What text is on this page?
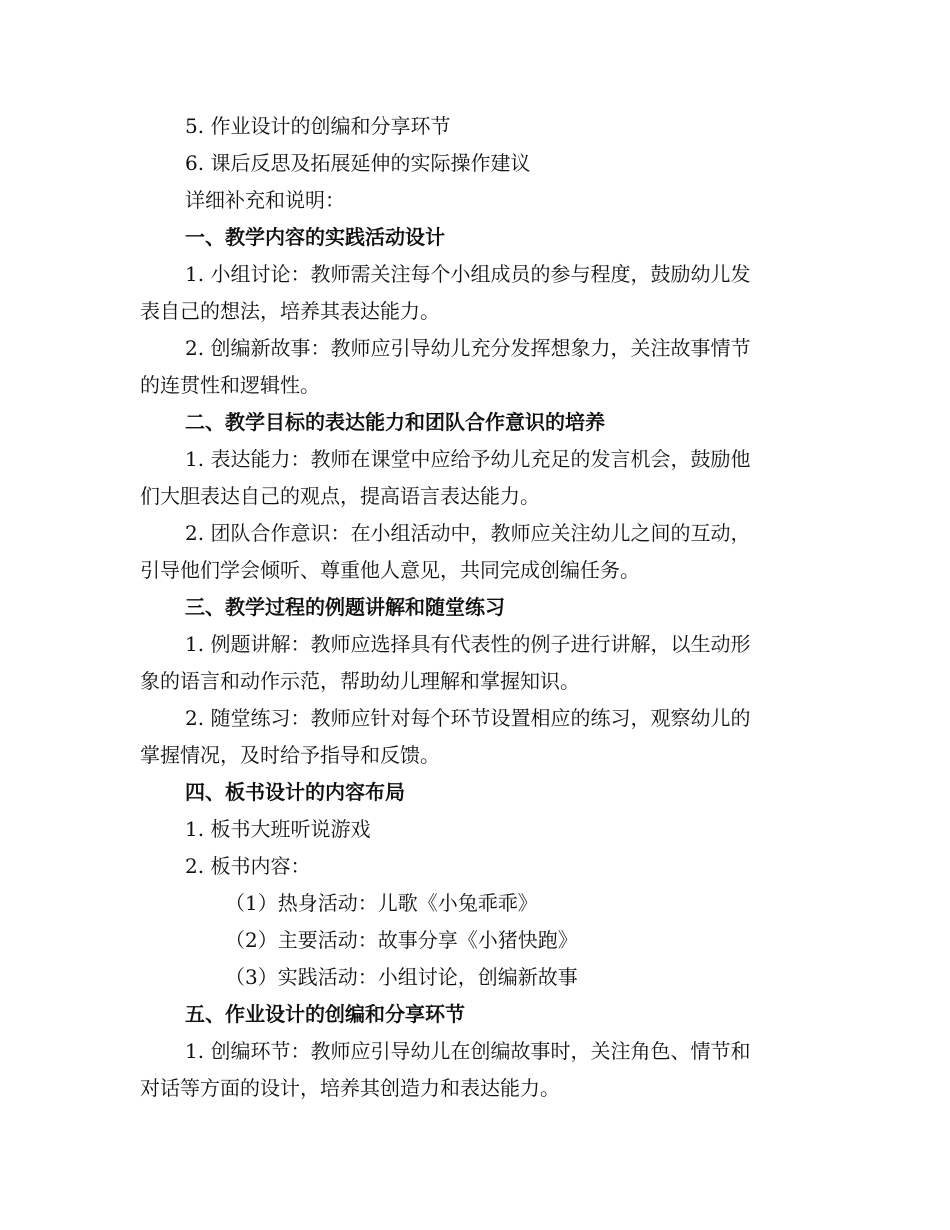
5. 作业设计的创编和分享环节
6. 课后反思及拓展延伸的实际操作建议
详细补充和说明：
一、教学内容的实践活动设计
1. 小组讨论：教师需关注每个小组成员的参与程度，鼓励幼儿发
表自己的想法，培养其表达能力。
2. 创编新故事：教师应引导幼儿充分发挥想象力，关注故事情节
的连贯性和逻辑性。
二、教学目标的表达能力和团队合作意识的培养
1. 表达能力：教师在课堂中应给予幼儿充足的发言机会，鼓励他
们大胆表达自己的观点，提高语言表达能力。
2. 团队合作意识：在小组活动中，教师应关注幼儿之间的互动，
引导他们学会倾听、尊重他人意见，共同完成创编任务。
三、教学过程的例题讲解和随堂练习
1. 例题讲解：教师应选择具有代表性的例子进行讲解，以生动形
象的语言和动作示范，帮助幼儿理解和掌握知识。
2. 随堂练习：教师应针对每个环节设置相应的练习，观察幼儿的
掌握情况，及时给予指导和反馈。
四、板书设计的内容布局
1. 板书大班听说游戏
2. 板书内容：
（1）热身活动：儿歌《小兔乖乖》
（2）主要活动：故事分享《小猪快跑》
（3）实践活动：小组讨论，创编新故事
五、作业设计的创编和分享环节
1. 创编环节：教师应引导幼儿在创编故事时，关注角色、情节和
对话等方面的设计，培养其创造力和表达能力。
